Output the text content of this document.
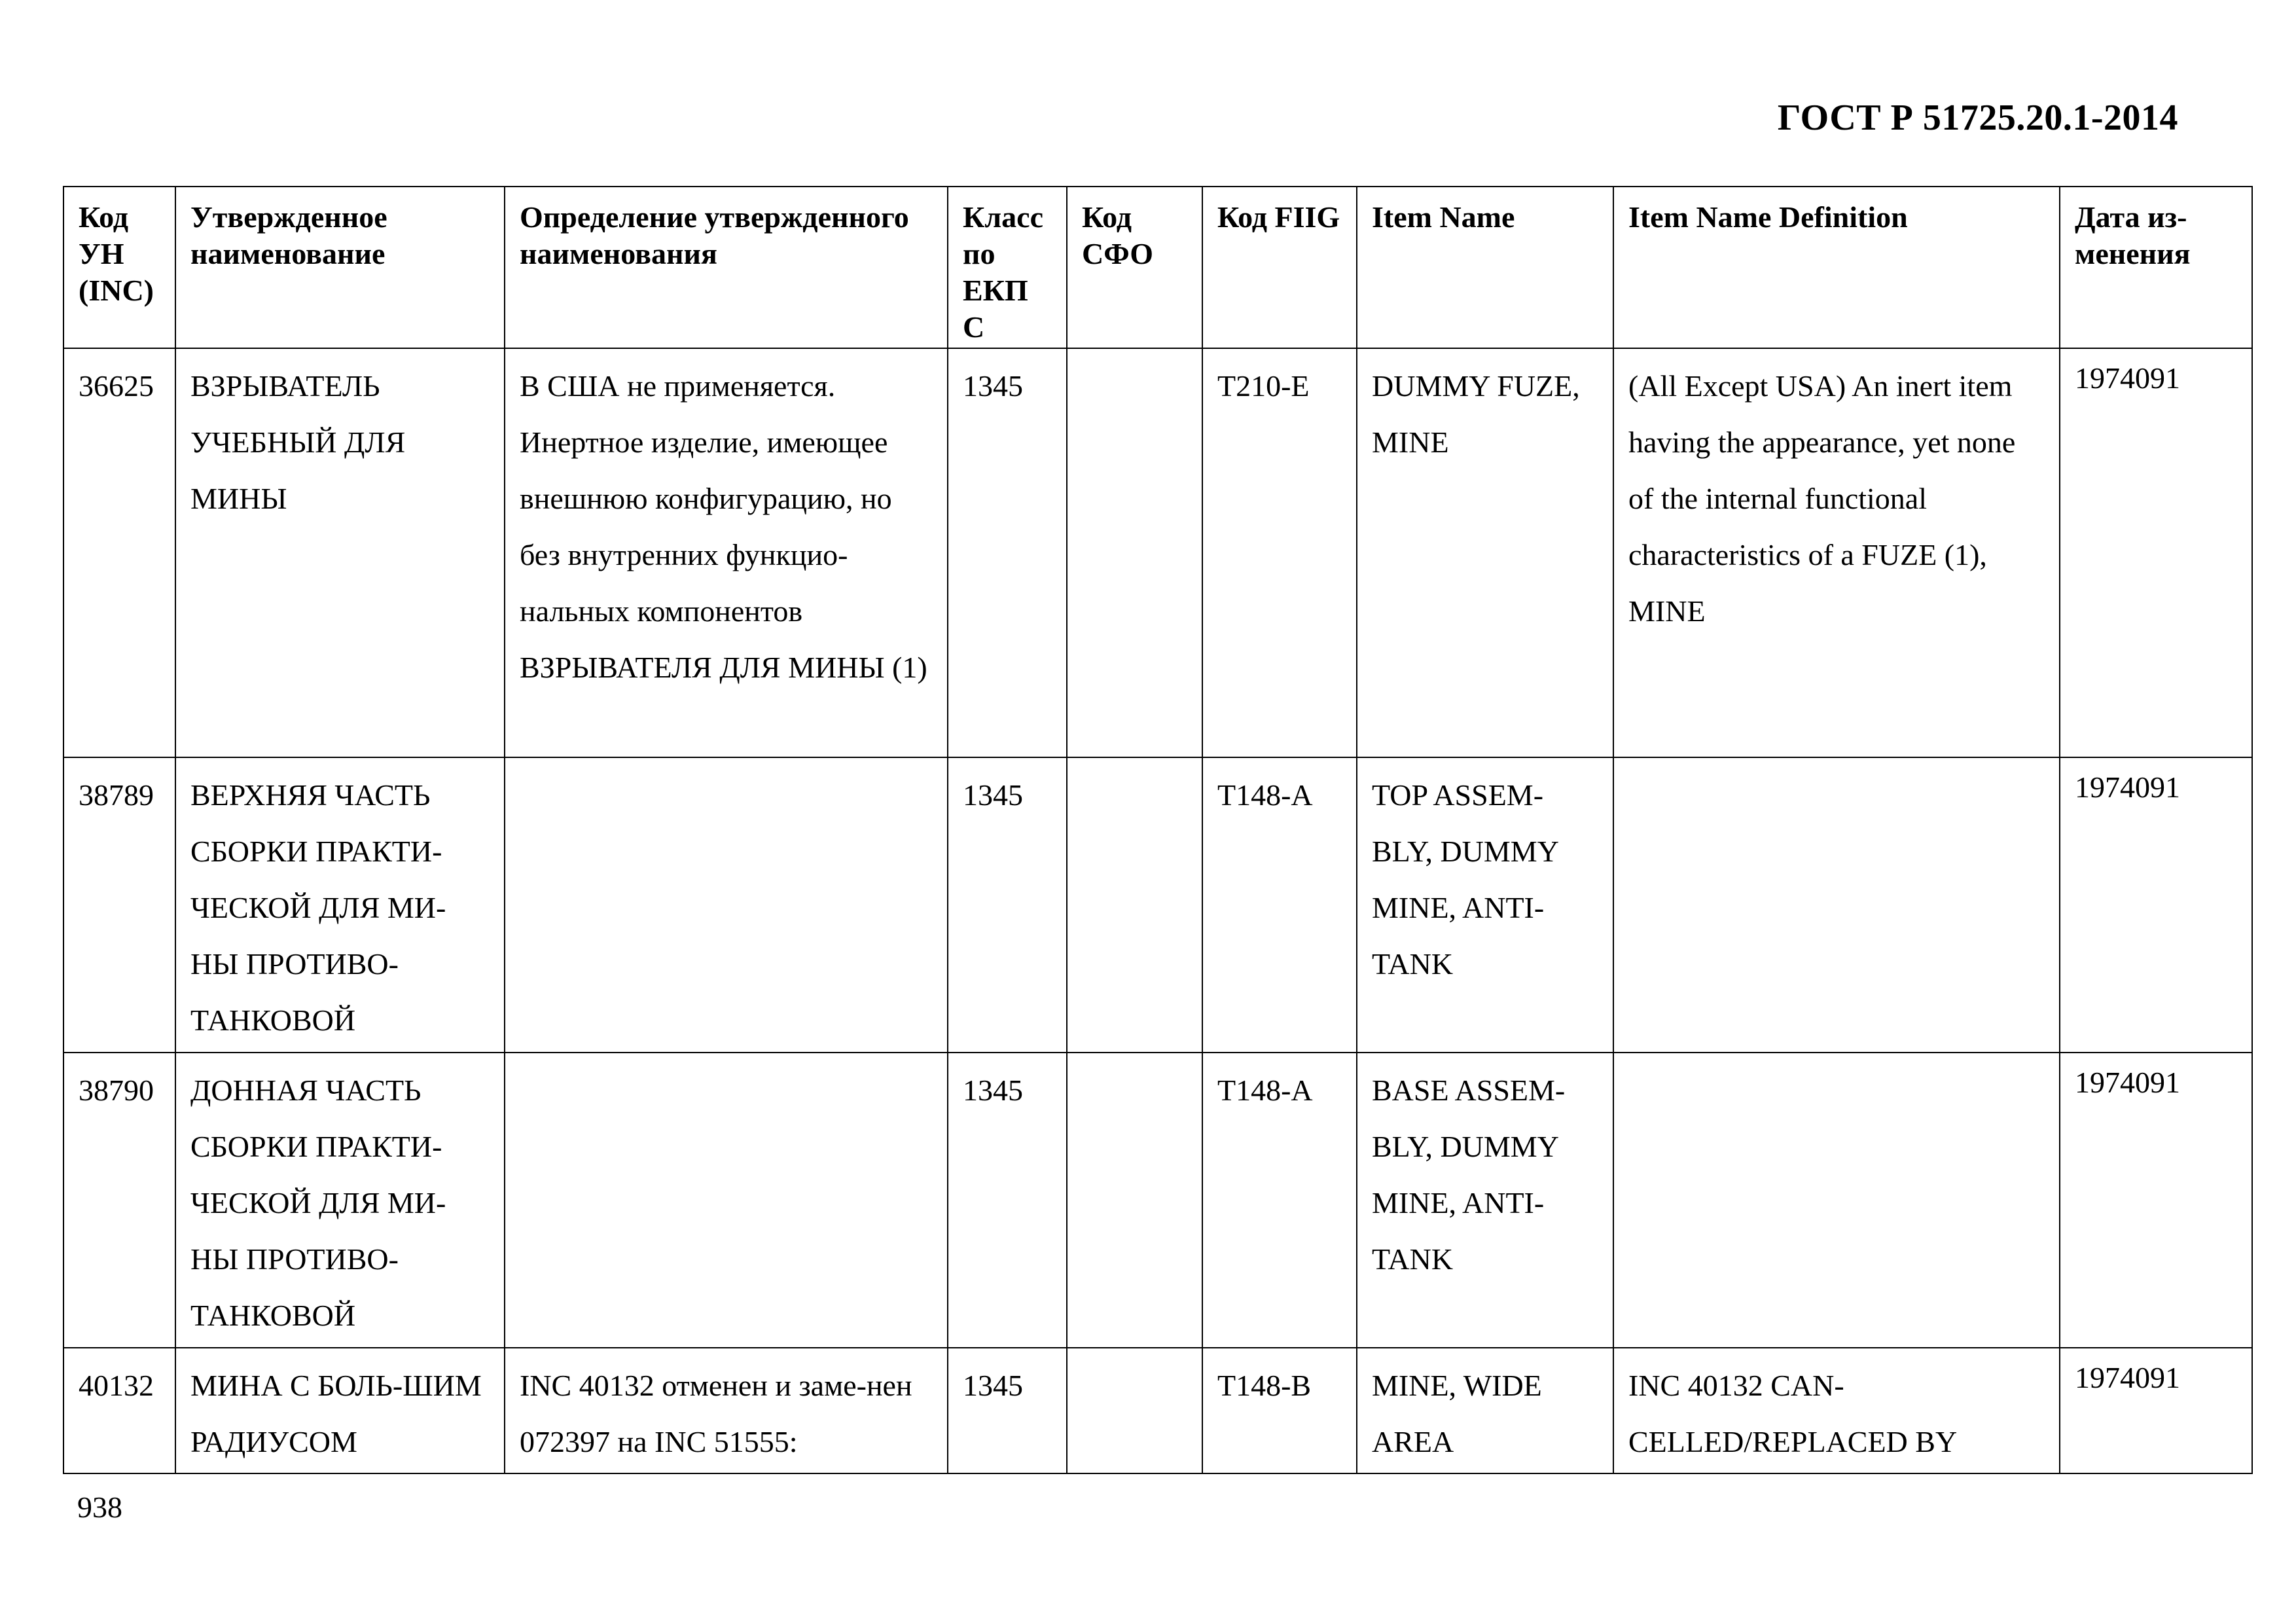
ГОСТ Р 51725.20.1-2014
Код УН (INC)	Утвержденное наименование	Определение утвержденного наименования	Класс по ЕКП С	Код СФО	Код FIIG	Item Name	Item Name Definition	Дата из-менения
36625	ВЗРЫВАТЕЛЬ УЧЕБНЫЙ ДЛЯ МИНЫ	В США не применяется. Инертное изделие, имеющее внешнюю конфигурацию, но без внутренних функцио-нальных компонентов ВЗРЫВАТЕЛЯ ДЛЯ МИНЫ (1)	1345		T210-E	DUMMY FUZE, MINE	(All Except USA) An inert item having the appearance, yet none of the internal functional characteristics of a FUZE (1), MINE	1974091
38789	ВЕРХНЯЯ ЧАСТЬ СБОРКИ ПРАКТИ-ЧЕСКОЙ ДЛЯ МИ-НЫ ПРОТИВО-ТАНКОВОЙ		1345		T148-A	TOP ASSEM-BLY, DUMMY MINE, ANTI-TANK		1974091
38790	ДОННАЯ ЧАСТЬ СБОРКИ ПРАКТИ-ЧЕСКОЙ ДЛЯ МИ-НЫ ПРОТИВО-ТАНКОВОЙ		1345		T148-A	BASE ASSEM-BLY, DUMMY MINE, ANTI-TANK		1974091
40132	МИНА С БОЛЬ-ШИМ РАДИУСОМ	INC 40132 отменен и заме-нен 072397 на INC 51555:	1345		T148-B	MINE, WIDE AREA	INC 40132 CAN-CELLED/REPLACED BY	1974091
938
